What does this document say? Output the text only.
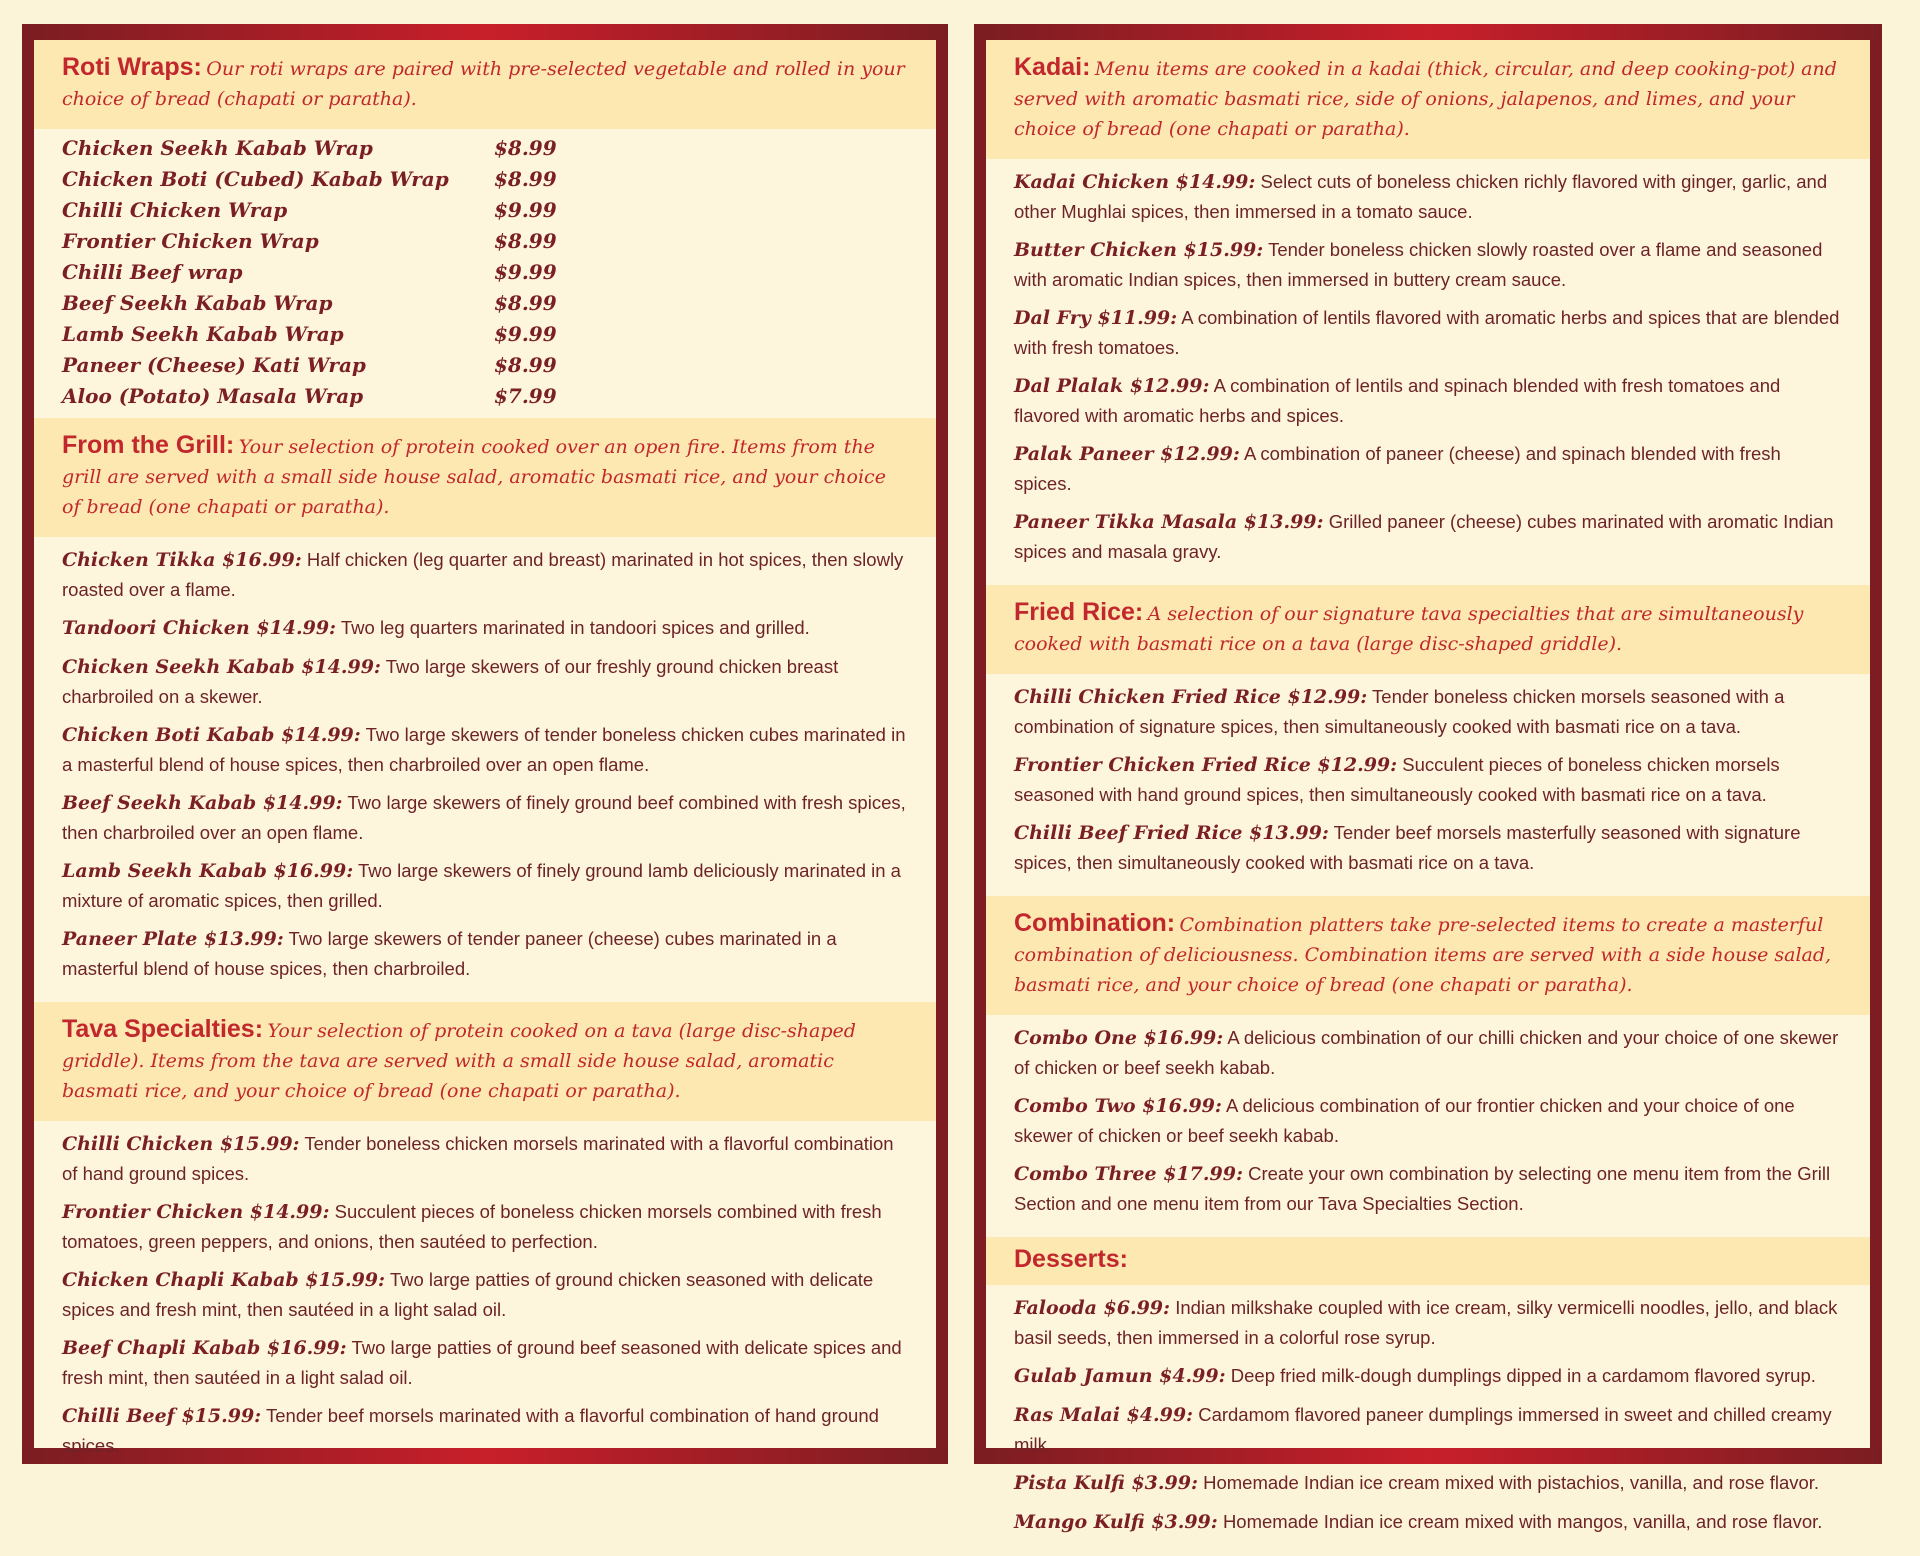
Roti Wraps: Our roti wraps are paired with pre-selected vegetable and rolled in your choice of bread (chapati or paratha).
Chicken Seekh Kabab Wrap	$8.99
Chicken Boti (Cubed) Kabab Wrap	$8.99
Chilli Chicken Wrap	$9.99
Frontier Chicken Wrap	$8.99
Chilli Beef wrap	$9.99
Beef Seekh Kabab Wrap	$8.99
Lamb Seekh Kabab Wrap	$9.99
Paneer (Cheese) Kati Wrap	$8.99
Aloo (Potato) Masala Wrap	$7.99
From the Grill: Your selection of protein cooked over an open fire. Items from the grill are served with a small side house salad, aromatic basmati rice, and your choice of bread (one chapati or paratha).
Chicken Tikka $16.99: Half chicken (leg quarter and breast) marinated in hot spices, then slowly roasted over a flame.
Tandoori Chicken $14.99: Two leg quarters marinated in tandoori spices and grilled.
Chicken Seekh Kabab $14.99: Two large skewers of our freshly ground chicken breast charbroiled on a skewer.
Chicken Boti Kabab $14.99: Two large skewers of tender boneless chicken cubes marinated in a masterful blend of house spices, then charbroiled over an open flame.
Beef Seekh Kabab $14.99: Two large skewers of finely ground beef combined with fresh spices, then charbroiled over an open flame.
Lamb Seekh Kabab $16.99: Two large skewers of finely ground lamb deliciously marinated in a mixture of aromatic spices, then grilled.
Paneer Plate $13.99: Two large skewers of tender paneer (cheese) cubes marinated in a masterful blend of house spices, then charbroiled.
Tava Specialties: Your selection of protein cooked on a tava (large disc-shaped griddle). Items from the tava are served with a small side house salad, aromatic basmati rice, and your choice of bread (one chapati or paratha).
Chilli Chicken $15.99: Tender boneless chicken morsels marinated with a flavorful combination of hand ground spices.
Frontier Chicken $14.99: Succulent pieces of boneless chicken morsels combined with fresh tomatoes, green peppers, and onions, then sautéed to perfection.
Chicken Chapli Kabab $15.99: Two large patties of ground chicken seasoned with delicate spices and fresh mint, then sautéed in a light salad oil.
Beef Chapli Kabab $16.99: Two large patties of ground beef seasoned with delicate spices and fresh mint, then sautéed in a light salad oil.
Chilli Beef $15.99: Tender beef morsels marinated with a flavorful combination of hand ground spices.
Kadai: Menu items are cooked in a kadai (thick, circular, and deep cooking-pot) and served with aromatic basmati rice, side of onions, jalapenos, and limes, and your choice of bread (one chapati or paratha).
Kadai Chicken $14.99: Select cuts of boneless chicken richly flavored with ginger, garlic, and other Mughlai spices, then immersed in a tomato sauce.
Butter Chicken $15.99: Tender boneless chicken slowly roasted over a flame and seasoned with aromatic Indian spices, then immersed in buttery cream sauce.
Dal Fry $11.99: A combination of lentils flavored with aromatic herbs and spices that are blended with fresh tomatoes.
Dal Plalak $12.99: A combination of lentils and spinach blended with fresh tomatoes and flavored with aromatic herbs and spices.
Palak Paneer $12.99: A combination of paneer (cheese) and spinach blended with fresh spices.
Paneer Tikka Masala $13.99: Grilled paneer (cheese) cubes marinated with aromatic Indian spices and masala gravy.
Fried Rice: A selection of our signature tava specialties that are simultaneously cooked with basmati rice on a tava (large disc-shaped griddle).
Chilli Chicken Fried Rice $12.99: Tender boneless chicken morsels seasoned with a combination of signature spices, then simultaneously cooked with basmati rice on a tava.
Frontier Chicken Fried Rice $12.99: Succulent pieces of boneless chicken morsels seasoned with hand ground spices, then simultaneously cooked with basmati rice on a tava.
Chilli Beef Fried Rice $13.99: Tender beef morsels masterfully seasoned with signature spices, then simultaneously cooked with basmati rice on a tava.
Combination: Combination platters take pre-selected items to create a masterful combination of deliciousness. Combination items are served with a side house salad, basmati rice, and your choice of bread (one chapati or paratha).
Combo One $16.99: A delicious combination of our chilli chicken and your choice of one skewer of chicken or beef seekh kabab.
Combo Two $16.99: A delicious combination of our frontier chicken and your choice of one skewer of chicken or beef seekh kabab.
Combo Three $17.99: Create your own combination by selecting one menu item from the Grill Section and one menu item from our Tava Specialties Section.
Desserts:
Falooda $6.99: Indian milkshake coupled with ice cream, silky vermicelli noodles, jello, and black basil seeds, then immersed in a colorful rose syrup.
Gulab Jamun $4.99: Deep fried milk-dough dumplings dipped in a cardamom flavored syrup.
Ras Malai $4.99: Cardamom flavored paneer dumplings immersed in sweet and chilled creamy milk.
Pista Kulfi $3.99: Homemade Indian ice cream mixed with pistachios, vanilla, and rose flavor.
Mango Kulfi $3.99: Homemade Indian ice cream mixed with mangos, vanilla, and rose flavor.
